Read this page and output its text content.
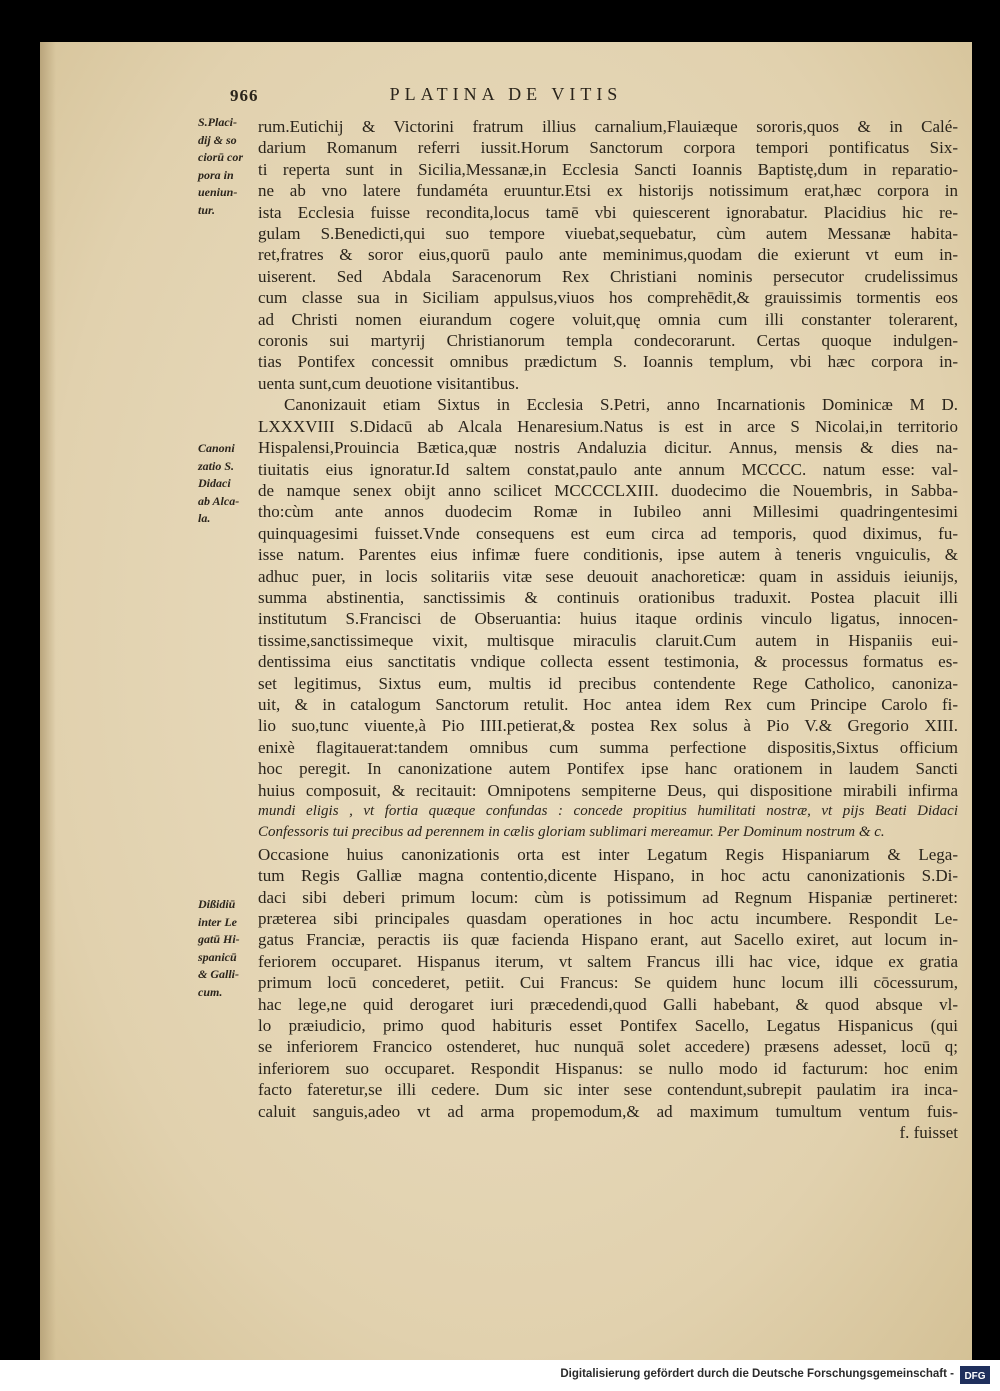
966	PLATINA DE VITIS
S.Placi-
dij & so
ciorū cor
pora in
ueniun-
tur.
Canoni
zatio S.
Didaci
ab Alca-
la.
Dißidiū
inter Le
gatū Hi-
spanicū
& Galli-
cum.
rum.Eutichij & Victorini fratrum illius carnalium,Flauiæque sororis,quos & in Calé-
darium Romanum referri iussit.Horum Sanctorum corpora tempori pontificatus Six-
ti reperta sunt in Sicilia,Messanæ,in Ecclesia Sancti Ioannis Baptistę,dum in reparatio-
ne ab vno latere fundaméta eruuntur.Etsi ex historijs notissimum erat,hæc corpora in
ista Ecclesia fuisse recondita,locus tamē vbi quiescerent ignorabatur. Placidius hic re-
gulam S.Benedicti,qui suo tempore viuebat,sequebatur, cùm autem Messanæ habita-
ret,fratres & soror eius,quorū paulo ante meminimus,quodam die exierunt vt eum in-
uiserent. Sed Abdala Saracenorum Rex Christiani nominis persecutor crudelissimus
cum classe sua in Siciliam appulsus,viuos hos comprehēdit,& grauissimis tormentis eos
ad Christi nomen eiurandum cogere voluit,quę omnia cum illi constanter tolerarent,
coronis sui martyrij Christianorum templa condecorarunt. Certas quoque indulgen-
tias Pontifex concessit omnibus prædictum S. Ioannis templum, vbi hæc corpora in-
uenta sunt,cum deuotione visitantibus.
Canonizauit etiam Sixtus in Ecclesia S.Petri, anno Incarnationis Dominicæ M D.
LXXXVIII S.Didacū ab Alcala Henaresium.Natus is est in arce S Nicolai,in territorio
Hispalensi,Prouincia Bætica,quæ nostris Andaluzia dicitur. Annus, mensis & dies na-
tiuitatis eius ignoratur.Id saltem constat,paulo ante annum MCCCC. natum esse: val-
de namque senex obijt anno scilicet MCCCCLXIII. duodecimo die Nouembris, in Sabba-
tho:cùm ante annos duodecim Romæ in Iubileo anni Millesimi quadringentesimi
quinquagesimi fuisset.Vnde consequens est eum circa ad temporis, quod diximus, fu-
isse natum. Parentes eius infimæ fuere conditionis, ipse autem à teneris vnguiculis, &
adhuc puer, in locis solitariis vitæ sese deuouit anachoreticæ: quam in assiduis ieiunijs,
summa abstinentia, sanctissimis & continuis orationibus traduxit. Postea placuit illi
institutum S.Francisci de Obseruantia: huius itaque ordinis vinculo ligatus, innocen-
tissime,sanctissimeque vixit, multisque miraculis claruit.Cum autem in Hispaniis eui-
dentissima eius sanctitatis vndique collecta essent testimonia, & processus formatus es-
set legitimus, Sixtus eum, multis id precibus contendente Rege Catholico, canoniza-
uit, & in catalogum Sanctorum retulit. Hoc antea idem Rex cum Principe Carolo fi-
lio suo,tunc viuente,à Pio IIII.petierat,& postea Rex solus à Pio V.& Gregorio XIII.
enixè flagitauerat:tandem omnibus cum summa perfectione dispositis,Sixtus officium
hoc peregit. In canonizatione autem Pontifex ipse hanc orationem in laudem Sancti
huius composuit, & recitauit: Omnipotens sempiterne Deus, qui dispositione mirabili infirma
mundi eligis , vt fortia quæque confundas : concede propitius humilitati nostræ, vt pijs Beati Didaci
Confessoris tui precibus ad perennem in cælis gloriam sublimari mereamur. Per Dominum nostrum & c.
Occasione huius canonizationis orta est inter Legatum Regis Hispaniarum & Lega-
tum Regis Galliæ magna contentio,dicente Hispano, in hoc actu canonizationis S.Di-
daci sibi deberi primum locum: cùm is potissimum ad Regnum Hispaniæ pertineret:
præterea sibi principales quasdam operationes in hoc actu incumbere. Respondit Le-
gatus Franciæ, peractis iis quæ facienda Hispano erant, aut Sacello exiret, aut locum in-
feriorem occuparet. Hispanus iterum, vt saltem Francus illi hac vice, idque ex gratia
primum locū concederet, petiit. Cui Francus: Se quidem hunc locum illi cōcessurum,
hac lege,ne quid derogaret iuri præcedendi,quod Galli habebant, & quod absque vl-
lo præiudicio, primo quod habituris esset Pontifex Sacello, Legatus Hispanicus (qui
se inferiorem Francico ostenderet, huc nunquā solet accedere) præsens adesset, locū q;
inferiorem suo occuparet. Respondit Hispanus: se nullo modo id facturum: hoc enim
facto fateretur,se illi cedere. Dum sic inter sese contendunt,subrepit paulatim ira inca-
caluit sanguis,adeo vt ad arma propemodum,& ad maximum tumultum ventum fuis-
f. fuisset
Digitalisierung gefördert durch die Deutsche Forschungsgemeinschaft - DFG
